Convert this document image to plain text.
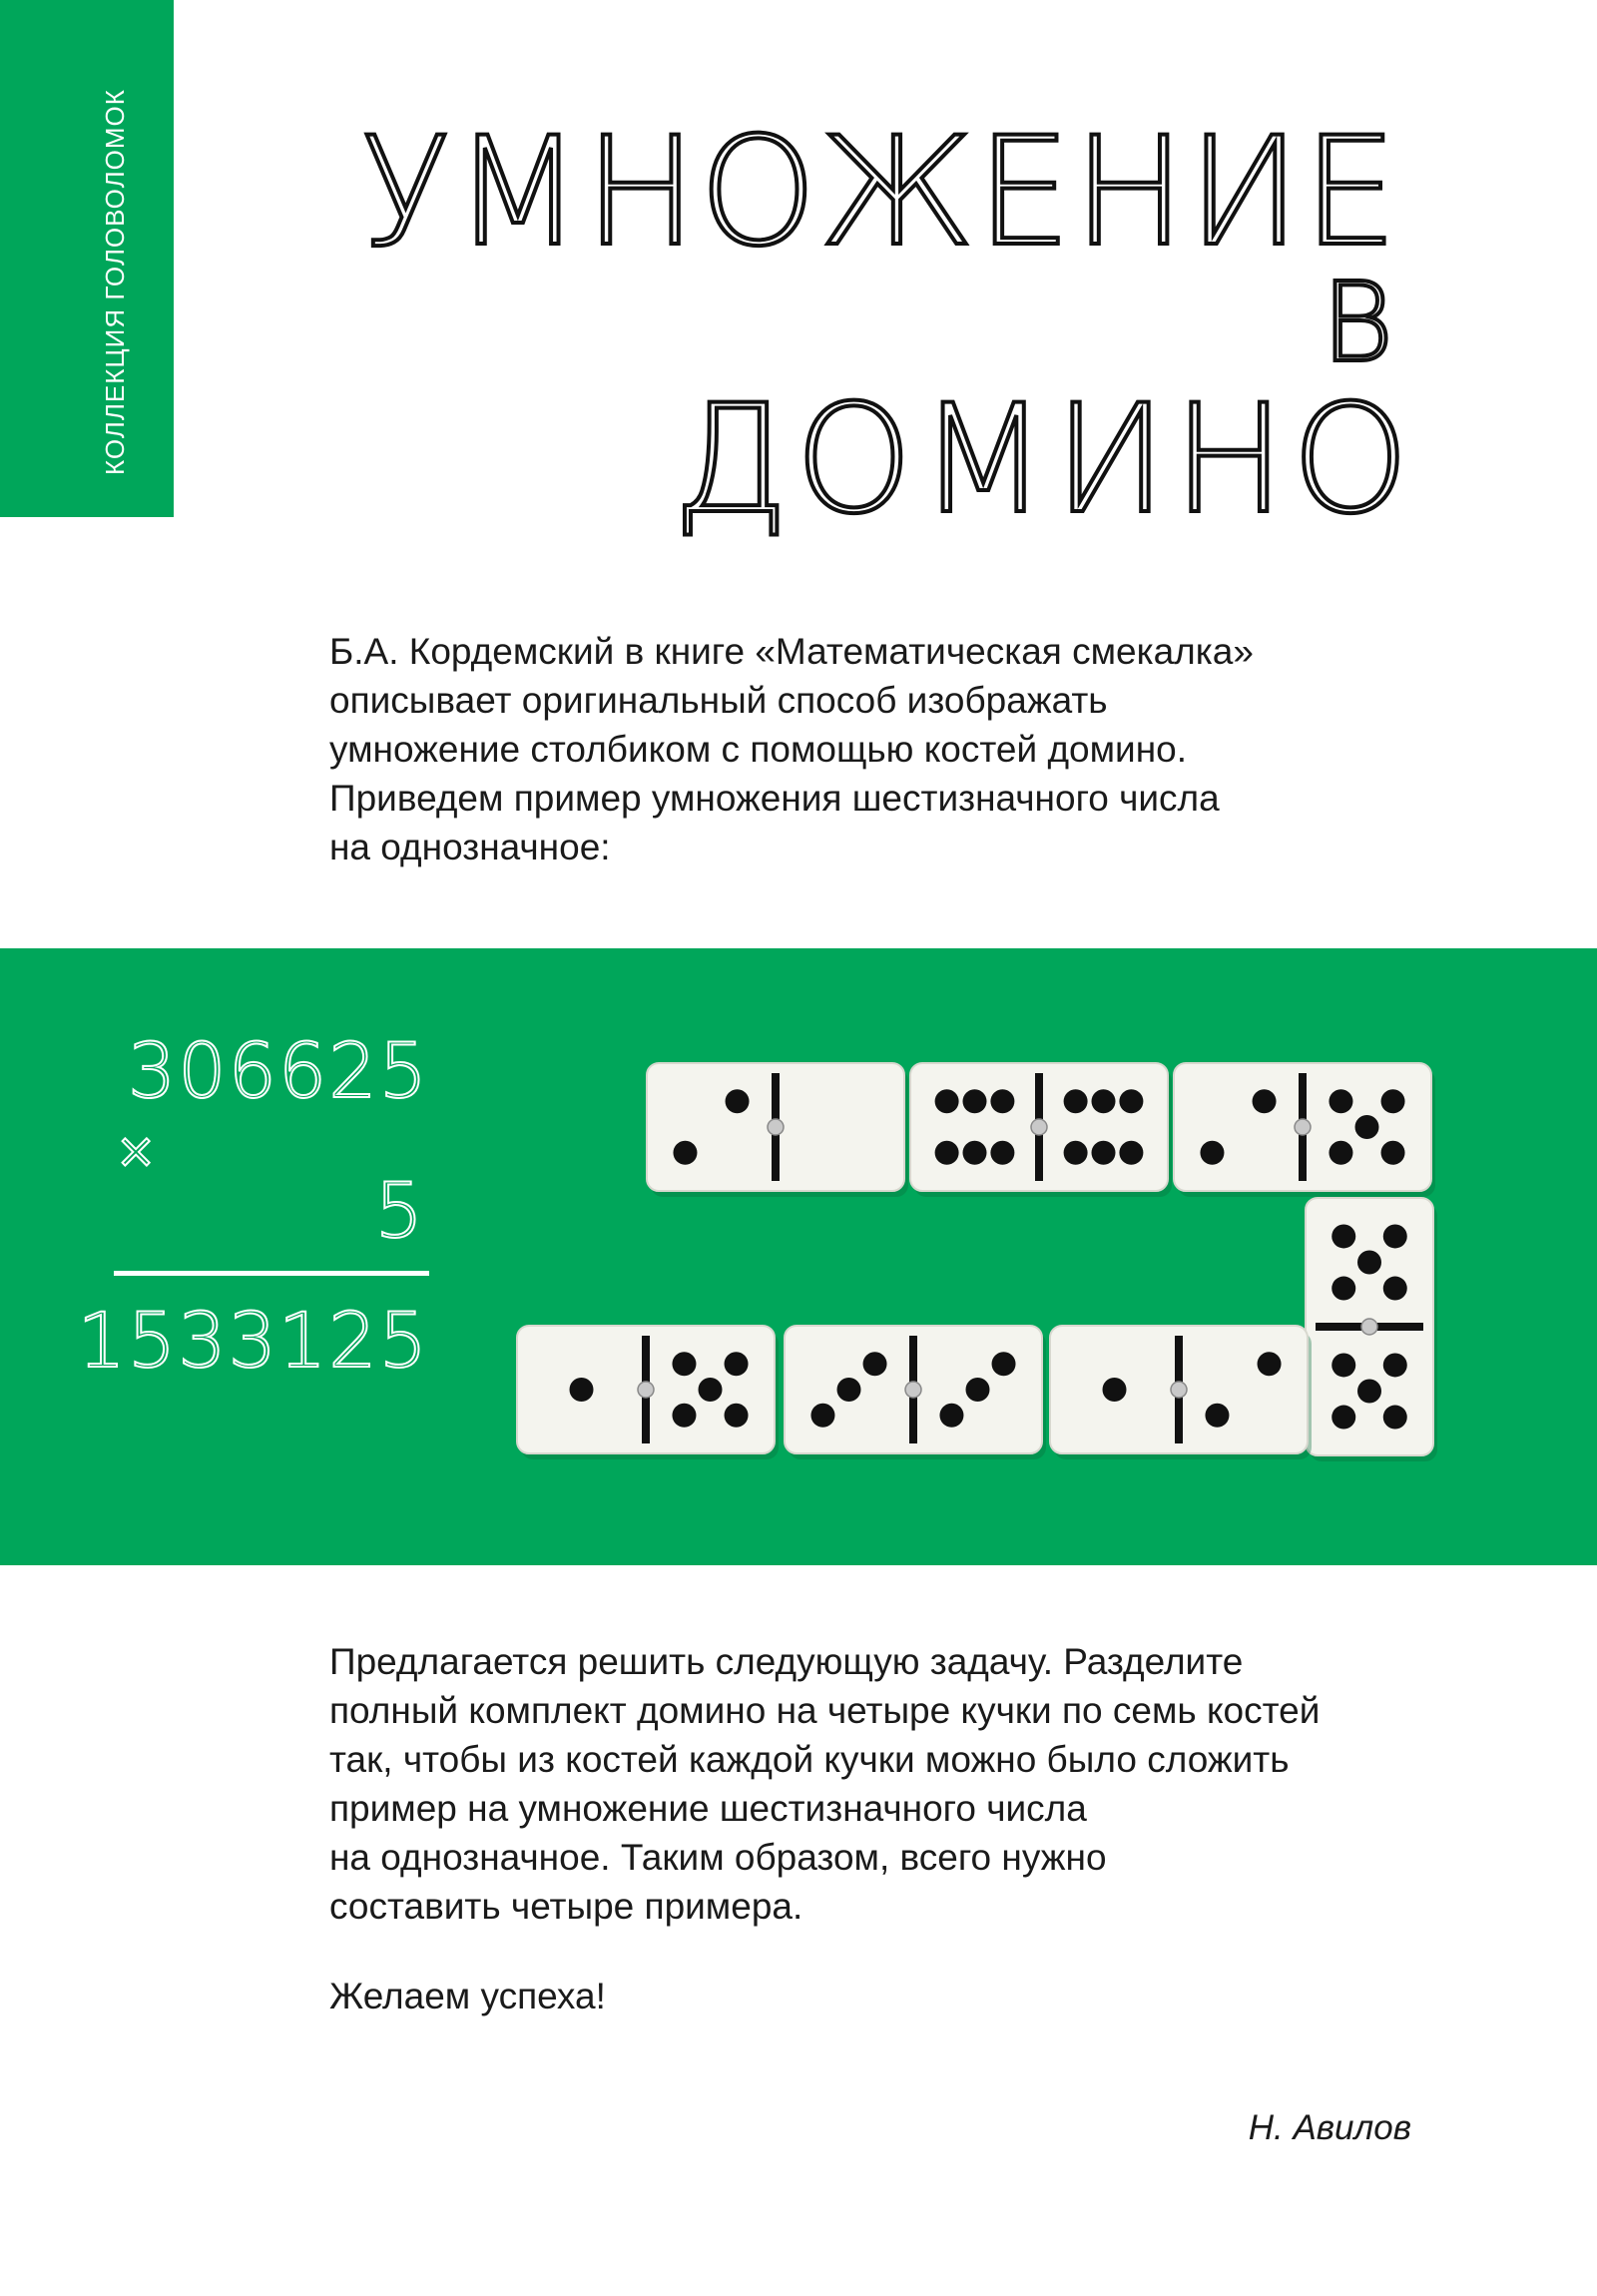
КОЛЛЕКЦИЯ ГОЛОВОЛОМОК УМНОЖЕНИЕ
В
ДОМИНО

Б.А. Кордемский в книге «Математическая смекалка»

описывает оригинальный способ изображать

умножение столбиком с помощью костей домино.

Приведем пример умножения шестизначного числа

на однозначное:

306625
×
5
1533125

Предлагается решить следующую задачу. Разделите

полный комплект домино на четыре кучки по семь костей

так, чтобы из костей каждой кучки можно было сложить

пример на умножение шестизначного числа

на однозначное. Таким образом, всего нужно

составить четыре примера.

Желаем успеха!
Н. Авилов
